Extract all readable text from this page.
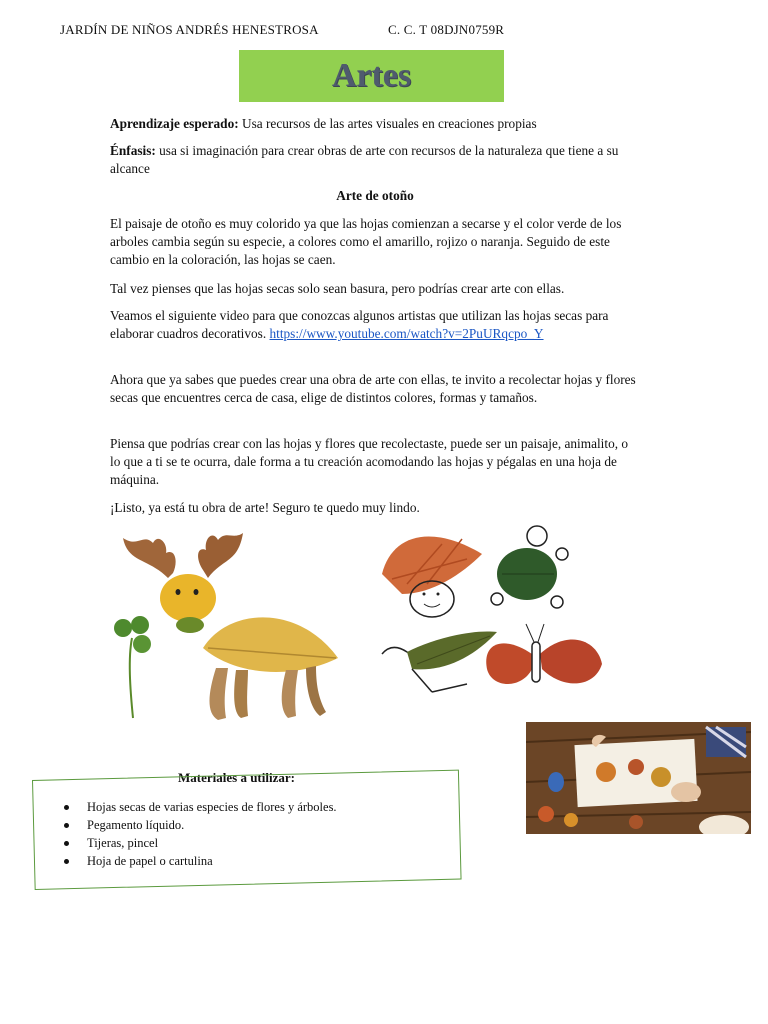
JARDÍN DE NIÑOS ANDRÉS HENESTROSA	C. C. T 08DJN0759R
Artes

Aprendizaje esperado: Usa recursos de las artes visuales en creaciones propias

Énfasis: usa si imaginación para crear obras de arte con recursos de la naturaleza que tiene a su alcance

Arte de otoño
El paisaje de otoño es muy colorido ya que las hojas comienzan a secarse y el color verde de los arboles cambia según su especie, a colores como el amarillo, rojizo o naranja. Seguido de este cambio en la coloración, las hojas se caen.
Tal vez pienses que las hojas secas solo sean basura, pero podrías crear arte con ellas.
Veamos el siguiente video para que conozcas algunos artistas que utilizan las hojas secas para elaborar cuadros decorativos. https://www.youtube.com/watch?v=2PuURqcpo_Y
Ahora que ya sabes que puedes crear una obra de arte con ellas, te invito a recolectar hojas y flores secas que encuentres cerca de casa, elige de distintos colores, formas y tamaños.
Piensa que podrías crear con las hojas y flores que recolectaste, puede ser un paisaje, animalito, o lo que a ti se te ocurra, dale forma a tu creación acomodando las hojas y pégalas en una hoja de máquina.
¡Listo, ya está tu obra de arte! Seguro te quedo muy lindo.
Materiales a utilizar:
Hojas secas de varias especies de flores y árboles.
Pegamento líquido.
Tijeras, pincel
Hoja de papel o cartulina
